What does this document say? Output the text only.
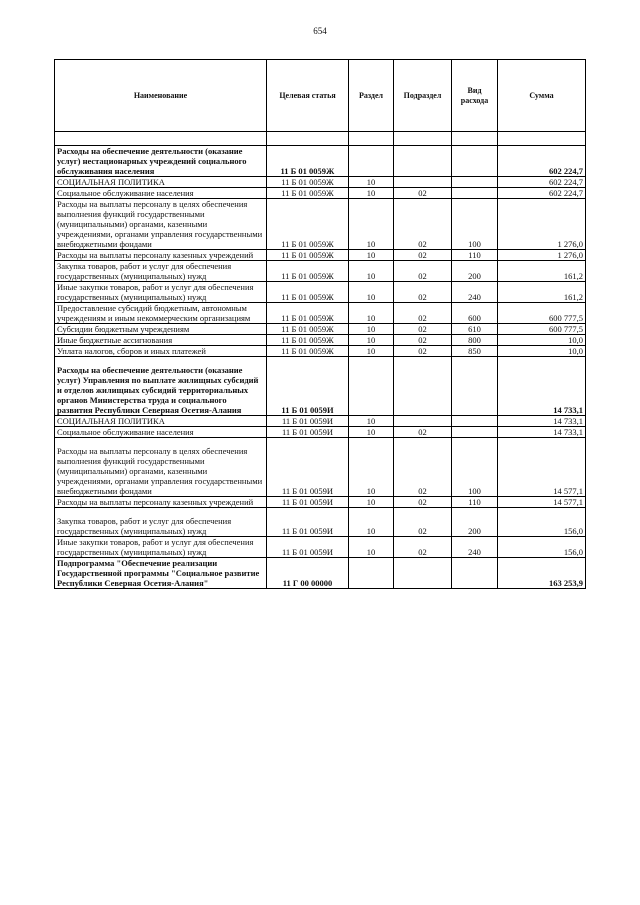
654
Наименование	Целевая статья	Раздел	Подраздел	Вид расхода	Сумма

Расходы на обеспечение деятельности (оказание услуг) нестационарных учреждений социального обслуживания населения	11 Б 01 0059Ж				602 224,7
СОЦИАЛЬНАЯ ПОЛИТИКА	11 Б 01 0059Ж	10			602 224,7
Социальное обслуживание населения	11 Б 01 0059Ж	10	02		602 224,7
Расходы на выплаты персоналу в целях обеспечения выполнения функций государственными (муниципальными) органами, казенными учреждениями, органами управления государственными внебюджетными фондами	11 Б 01 0059Ж	10	02	100	1 276,0
Расходы на выплаты персоналу казенных учреждений	11 Б 01 0059Ж	10	02	110	1 276,0
Закупка товаров, работ и услуг для обеспечения государственных (муниципальных) нужд	11 Б 01 0059Ж	10	02	200	161,2
Иные закупки товаров, работ и услуг для обеспечения государственных (муниципальных) нужд	11 Б 01 0059Ж	10	02	240	161,2
Предоставление субсидий бюджетным, автономным учреждениям и иным некоммерческим организациям	11 Б 01 0059Ж	10	02	600	600 777,5
Субсидии бюджетным учреждениям	11 Б 01 0059Ж	10	02	610	600 777,5
Иные бюджетные ассигнования	11 Б 01 0059Ж	10	02	800	10,0
Уплата налогов, сборов и иных платежей	11 Б 01 0059Ж	10	02	850	10,0
Расходы на обеспечение деятельности (оказание услуг) Управления по выплате жилищных субсидий и отделов жилищных субсидий территориальных органов Министерства труда и социального развития Республики Северная Осетия-Алания	11 Б 01 0059И				14 733,1
СОЦИАЛЬНАЯ ПОЛИТИКА	11 Б 01 0059И	10			14 733,1
Социальное обслуживание населения	11 Б 01 0059И	10	02		14 733,1
Расходы на выплаты персоналу в целях обеспечения выполнения функций государственными (муниципальными) органами, казенными учреждениями, органами управления государственными внебюджетными фондами	11 Б 01 0059И	10	02	100	14 577,1
Расходы на выплаты персоналу казенных учреждений	11 Б 01 0059И	10	02	110	14 577,1
Закупка товаров, работ и услуг для обеспечения государственных (муниципальных) нужд	11 Б 01 0059И	10	02	200	156,0
Иные закупки товаров, работ и услуг для обеспечения государственных (муниципальных) нужд	11 Б 01 0059И	10	02	240	156,0
Подпрограмма "Обеспечение реализации Государственной программы "Социальное развитие Республики Северная Осетия-Алания"	11 Г 00 00000				163 253,9
